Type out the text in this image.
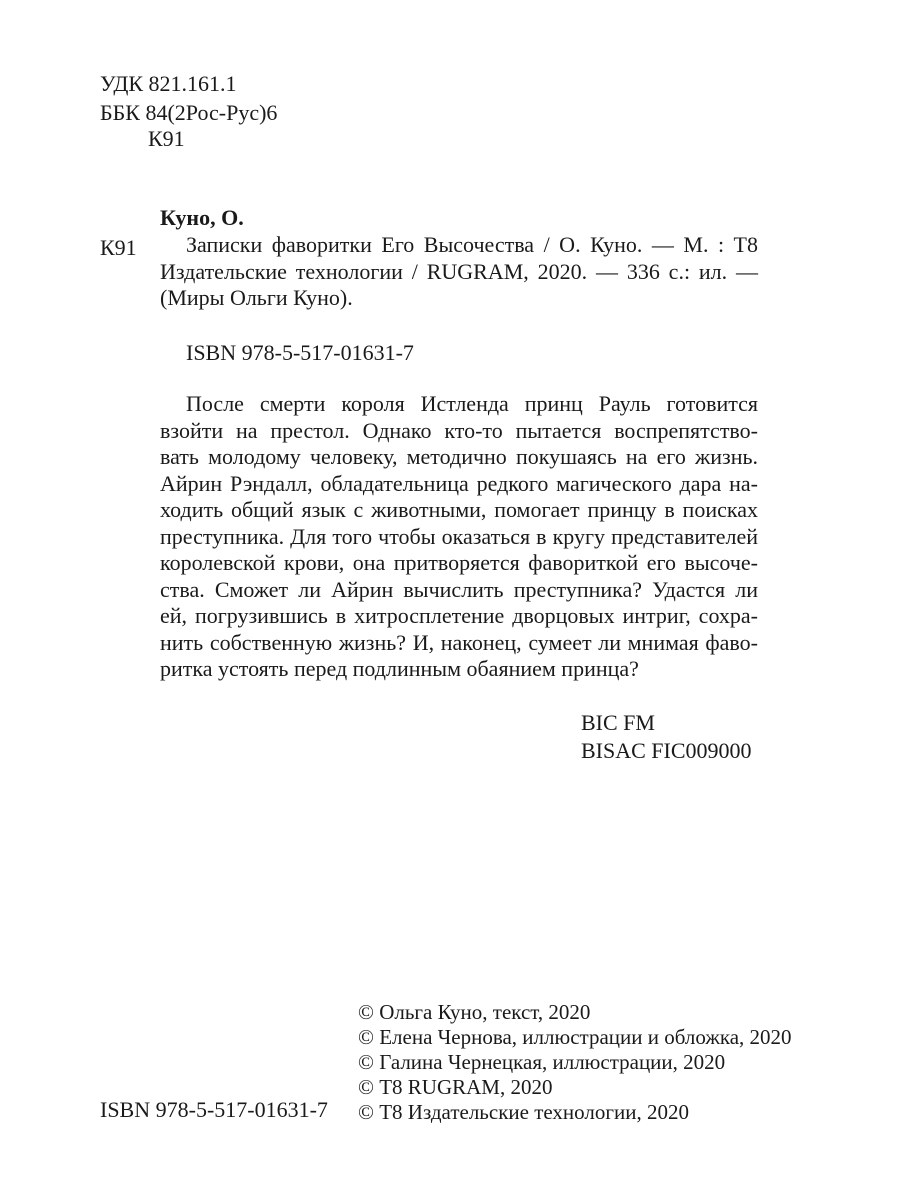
УДК 821.161.1
ББК 84(2Рос-Рус)6
К91
Куно, О.
К91	Записки фаворитки Его Высочества / О. Куно. — М. : Т8
Издательские технологии / RUGRAM, 2020. — 336 с.: ил. —
(Миры Ольги Куно).
ISBN 978-5-517-01631-7
После смерти короля Истленда принц Рауль готовится
взойти на престол. Однако кто-то пытается воспрепятство-
вать молодому человеку, методично покушаясь на его жизнь.
Айрин Рэндалл, обладательница редкого магического дара на-
ходить общий язык с животными, помогает принцу в поисках
преступника. Для того чтобы оказаться в кругу представителей
королевской крови, она притворяется фавориткой его высоче-
ства. Сможет ли Айрин вычислить преступника? Удастся ли
ей, погрузившись в хитросплетение дворцовых интриг, сохра-
нить собственную жизнь? И, наконец, сумеет ли мнимая фаво-
ритка устоять перед подлинным обаянием принца?
BIC FM
BISAC FIC009000
ISBN 978-5-517-01631-7
© Ольга Куно, текст, 2020
© Елена Чернова, иллюстрации и обложка, 2020
© Галина Чернецкая, иллюстрации, 2020
© Т8 RUGRAM, 2020
© Т8 Издательские технологии, 2020
